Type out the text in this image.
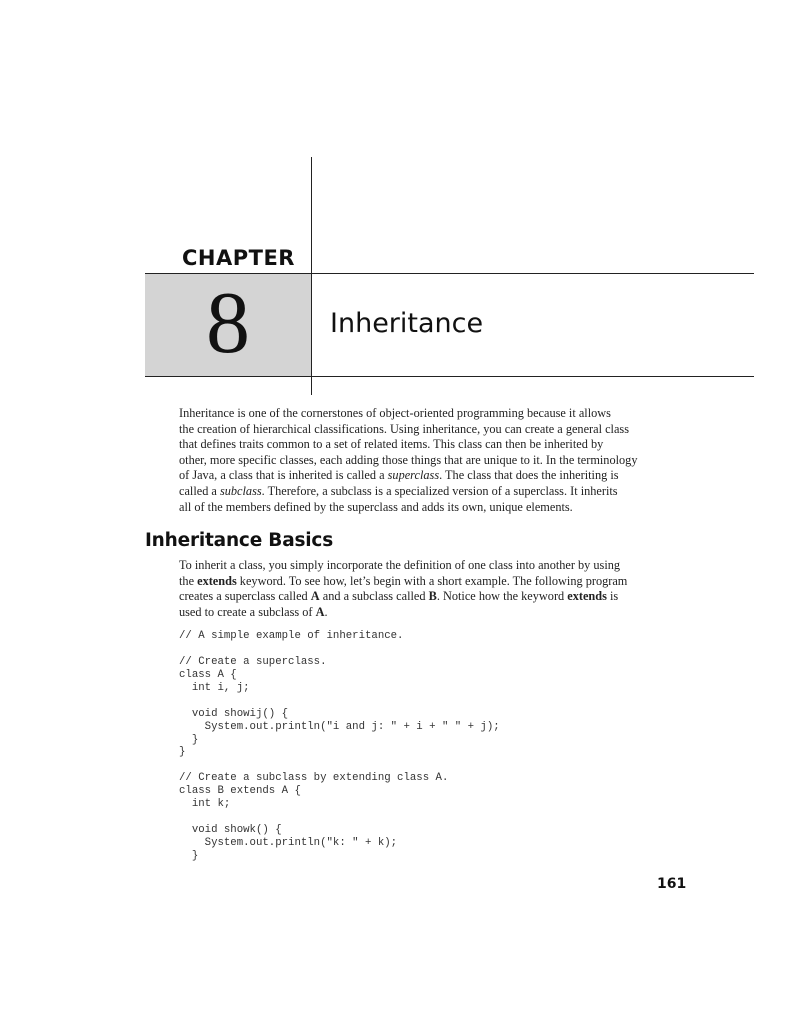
CHAPTER
8	Inheritance
Inheritance is one of the cornerstones of object-oriented programming because it allows
the creation of hierarchical classifications. Using inheritance, you can create a general class
that defines traits common to a set of related items. This class can then be inherited by
other, more specific classes, each adding those things that are unique to it. In the terminology
of Java, a class that is inherited is called a superclass. The class that does the inheriting is
called a subclass. Therefore, a subclass is a specialized version of a superclass. It inherits
all of the members defined by the superclass and adds its own, unique elements.
Inheritance Basics
To inherit a class, you simply incorporate the definition of one class into another by using
the extends keyword. To see how, let’s begin with a short example. The following program
creates a superclass called A and a subclass called B. Notice how the keyword extends is
used to create a subclass of A.
// A simple example of inheritance.
// Create a superclass.
class A {
int i, j;
void showij() {
System.out.println("i and j: " + i + " " + j);
}
}
// Create a subclass by extending class A.
class B extends A {
int k;
void showk() {
System.out.println("k: " + k);
}
161
